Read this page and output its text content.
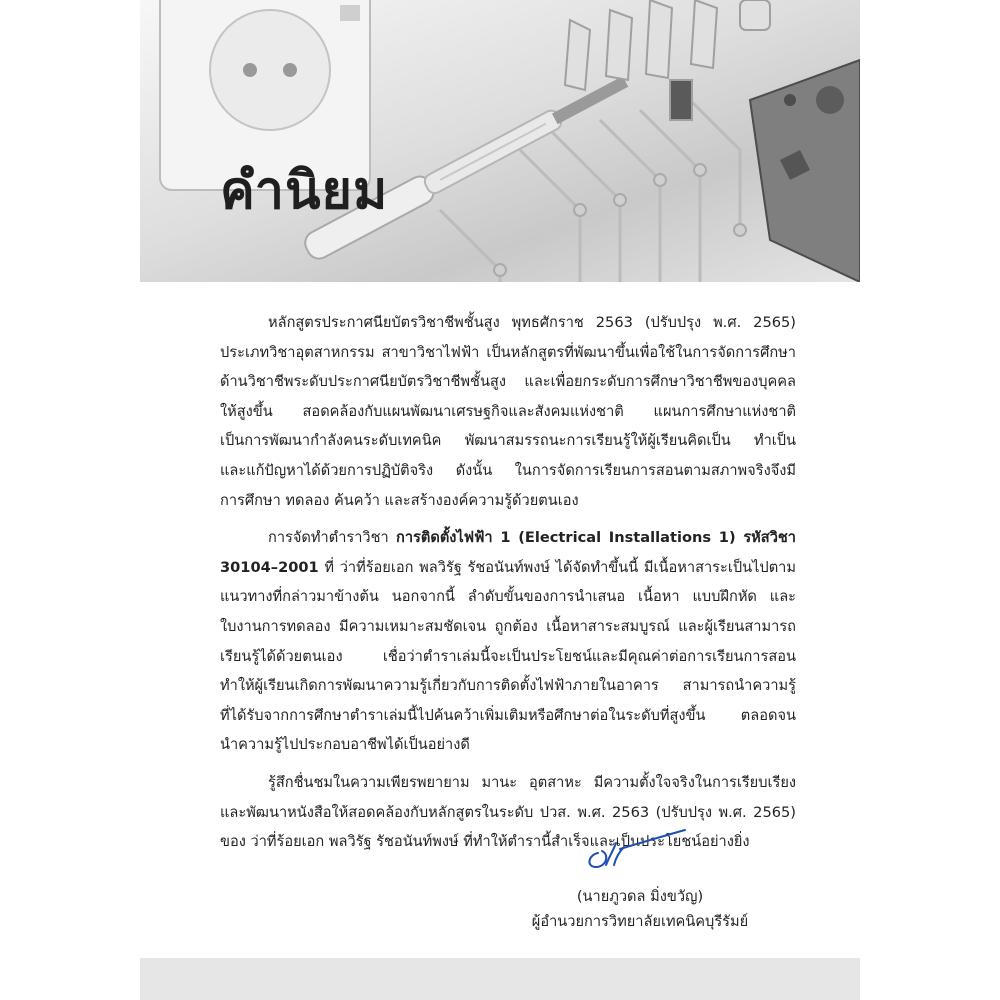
คำนิยม
หลักสูตรประกาศนียบัตรวิชาชีพชั้นสูง พุทธศักราช 2563 (ปรับปรุง พ.ศ. 2565)
ประเภทวิชาอุตสาหกรรม สาขาวิชาไฟฟ้า เป็นหลักสูตรที่พัฒนาขึ้นเพื่อใช้ในการจัดการศึกษา
ด้านวิชาชีพระดับประกาศนียบัตรวิชาชีพชั้นสูง และเพื่อยกระดับการศึกษาวิชาชีพของบุคคล
ให้สูงขึ้น สอดคล้องกับแผนพัฒนาเศรษฐกิจและสังคมแห่งชาติ แผนการศึกษาแห่งชาติ
เป็นการพัฒนากำลังคนระดับเทคนิค พัฒนาสมรรถนะการเรียนรู้ให้ผู้เรียนคิดเป็น ทำเป็น
และแก้ปัญหาได้ด้วยการปฏิบัติจริง ดังนั้น ในการจัดการเรียนการสอนตามสภาพจริงจึงมี
การศึกษา ทดลอง ค้นคว้า และสร้างองค์ความรู้ด้วยตนเอง
การจัดทำตำราวิชา การติดตั้งไฟฟ้า 1 (Electrical Installations 1) รหัสวิชา
30104–2001 ที่ ว่าที่ร้อยเอก พลวิรัฐ รัชอนันท์พงษ์ ได้จัดทำขึ้นนี้ มีเนื้อหาสาระเป็นไปตาม
แนวทางที่กล่าวมาข้างต้น นอกจากนี้ ลำดับขั้นของการนำเสนอ เนื้อหา แบบฝึกหัด และ
ใบงานการทดลอง มีความเหมาะสมชัดเจน ถูกต้อง เนื้อหาสาระสมบูรณ์ และผู้เรียนสามารถ
เรียนรู้ได้ด้วยตนเอง เชื่อว่าตำราเล่มนี้จะเป็นประโยชน์และมีคุณค่าต่อการเรียนการสอน
ทำให้ผู้เรียนเกิดการพัฒนาความรู้เกี่ยวกับการติดตั้งไฟฟ้าภายในอาคาร สามารถนำความรู้
ที่ได้รับจากการศึกษาตำราเล่มนี้ไปค้นคว้าเพิ่มเติมหรือศึกษาต่อในระดับที่สูงขึ้น ตลอดจน
นำความรู้ไปประกอบอาชีพได้เป็นอย่างดี
รู้สึกชื่นชมในความเพียรพยายาม มานะ อุตสาหะ มีความตั้งใจจริงในการเรียบเรียง
และพัฒนาหนังสือให้สอดคล้องกับหลักสูตรในระดับ ปวส. พ.ศ. 2563 (ปรับปรุง พ.ศ. 2565)
ของ ว่าที่ร้อยเอก พลวิรัฐ รัชอนันท์พงษ์ ที่ทำให้ตำรานี้สำเร็จและเป็นประโยชน์อย่างยิ่ง
(นายภูวดล มิ่งขวัญ)
ผู้อำนวยการวิทยาลัยเทคนิคบุรีรัมย์
